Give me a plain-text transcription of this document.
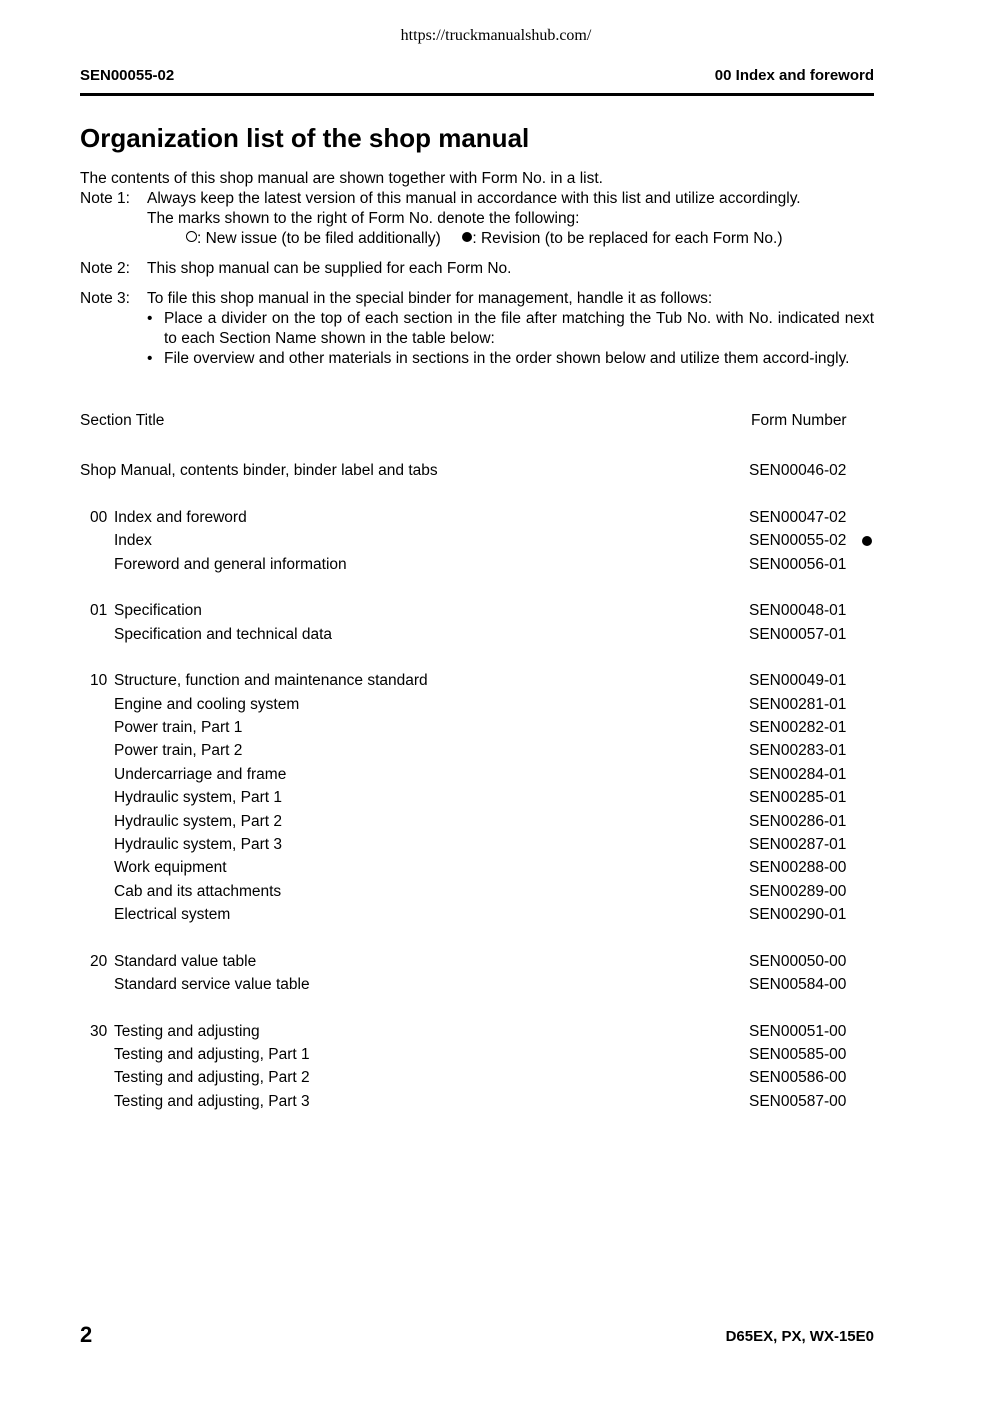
https://truckmanualshub.com/
SEN00055-02	00 Index and foreword
Organization list of the shop manual
The contents of this shop manual are shown together with Form No. in a list.
Note 1:	Always keep the latest version of this manual in accordance with this list and utilize accordingly.
The marks shown to the right of Form No. denote the following:
: New issue (to be filed additionally) : Revision (to be replaced for each Form No.)
Note 2:	This shop manual can be supplied for each Form No.
Note 3:	To file this shop manual in the special binder for management, handle it as follows:
• Place a divider on the top of each section in the file after matching the Tub No. with No. indicated next to each Section Name shown in the table below:
• File overview and other materials in sections in the order shown below and utilize them accord-ingly.
Section Title	Form Number
Shop Manual, contents binder, binder label and tabs	SEN00046-02
00 Index and foreword	SEN00047-02
Index	SEN00055-02
Foreword and general information	SEN00056-01
01 Specification	SEN00048-01
Specification and technical data	SEN00057-01
10 Structure, function and maintenance standard	SEN00049-01
Engine and cooling system	SEN00281-01
Power train, Part 1	SEN00282-01
Power train, Part 2	SEN00283-01
Undercarriage and frame	SEN00284-01
Hydraulic system, Part 1	SEN00285-01
Hydraulic system, Part 2	SEN00286-01
Hydraulic system, Part 3	SEN00287-01
Work equipment	SEN00288-00
Cab and its attachments	SEN00289-00
Electrical system	SEN00290-01
20 Standard value table	SEN00050-00
Standard service value table	SEN00584-00
30 Testing and adjusting	SEN00051-00
Testing and adjusting, Part 1	SEN00585-00
Testing and adjusting, Part 2	SEN00586-00
Testing and adjusting, Part 3	SEN00587-00
2	D65EX, PX, WX-15E0
